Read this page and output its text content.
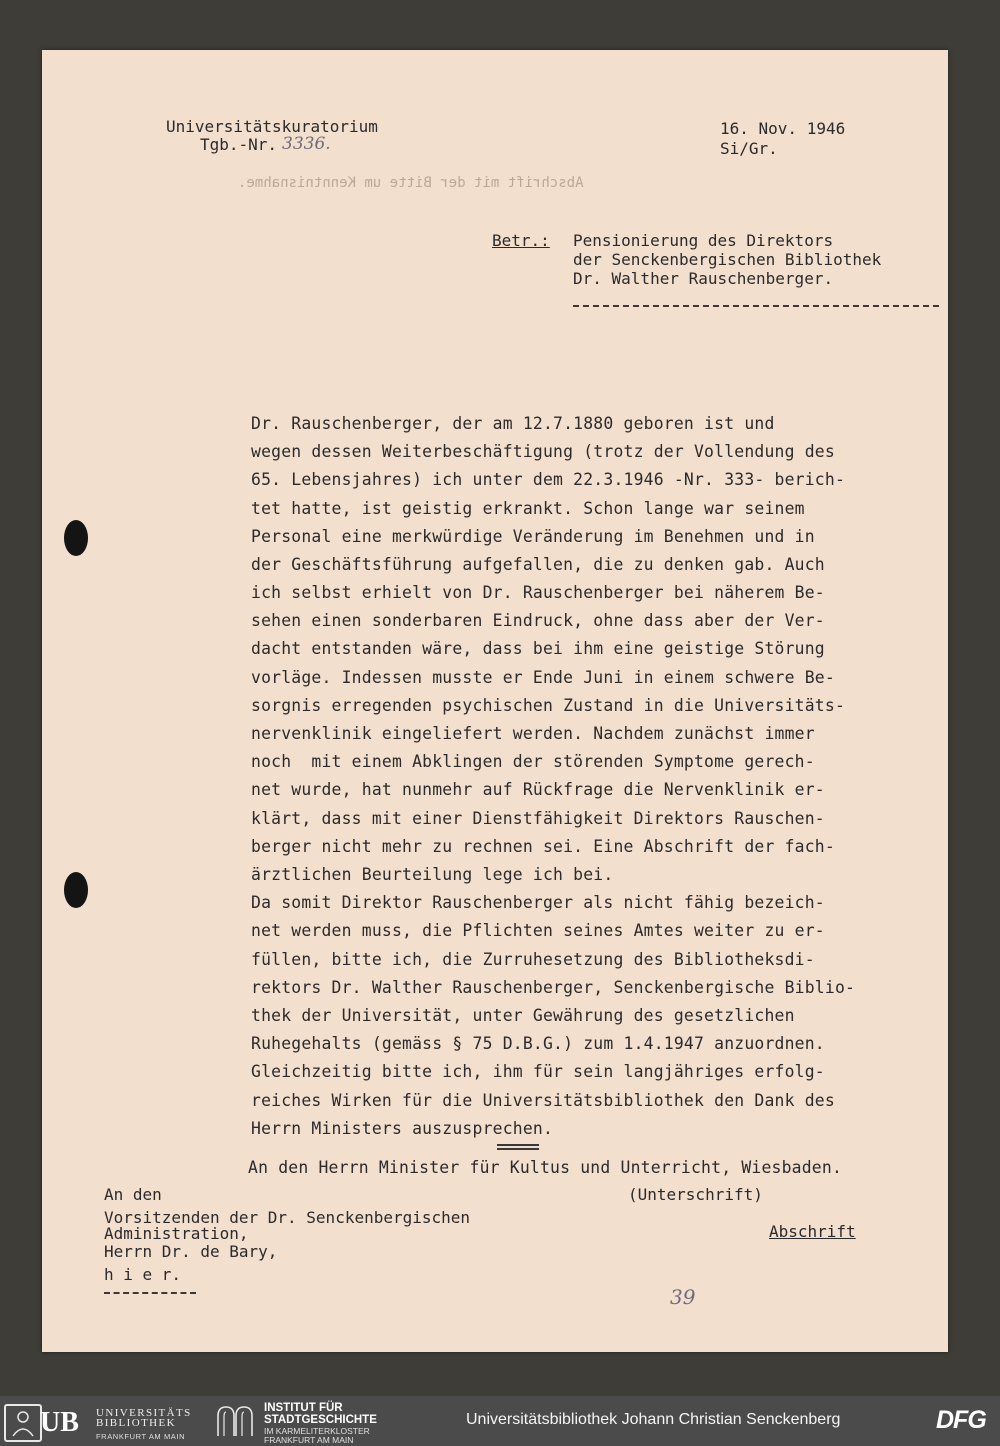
Universitätskuratorium
Tgb.-Nr. 3336.
16. Nov. 1946
Si/Gr.
Abschrift mit der Bitte um Kenntnisnahme.
Betr.: Pensionierung des Direktors
der Senckenbergischen Bibliothek
Dr. Walther Rauschenberger.
Dr. Rauschenberger, der am 12.7.1880 geboren ist und
wegen dessen Weiterbeschäftigung (trotz der Vollendung des
65. Lebensjahres) ich unter dem 22.3.1946 -Nr. 333- berich-
tet hatte, ist geistig erkrankt. Schon lange war seinem
Personal eine merkwürdige Veränderung im Benehmen und in
der Geschäftsführung aufgefallen, die zu denken gab. Auch
ich selbst erhielt von Dr. Rauschenberger bei näherem Be-
sehen einen sonderbaren Eindruck, ohne dass aber der Ver-
dacht entstanden wäre, dass bei ihm eine geistige Störung
vorläge. Indessen musste er Ende Juni in einem schwere Be-
sorgnis erregenden psychischen Zustand in die Universitäts-
nervenklinik eingeliefert werden. Nachdem zunächst immer
noch  mit einem Abklingen der störenden Symptome gerech-
net wurde, hat nunmehr auf Rückfrage die Nervenklinik er-
klärt, dass mit einer Dienstfähigkeit Direktors Rauschen-
berger nicht mehr zu rechnen sei. Eine Abschrift der fach-
ärztlichen Beurteilung lege ich bei.
Da somit Direktor Rauschenberger als nicht fähig bezeich-
net werden muss, die Pflichten seines Amtes weiter zu er-
füllen, bitte ich, die Zurruhesetzung des Bibliotheksdi-
rektors Dr. Walther Rauschenberger, Senckenbergische Biblio-
thek der Universität, unter Gewährung des gesetzlichen
Ruhegehalts (gemäss § 75 D.B.G.) zum 1.4.1947 anzuordnen.
Gleichzeitig bitte ich, ihm für sein langjähriges erfolg-
reiches Wirken für die Universitätsbibliothek den Dank des
Herrn Ministers auszusprechen.
An den Herrn Minister für Kultus und Unterricht, Wiesbaden.
(Unterschrift)
Abschrift
An den
Vorsitzenden der Dr. Senckenbergischen
Administration,
Herrn Dr. de Bary,
h i e r.
39
UB UNIVERSITÄTS
BIBLIOTHEK
FRANKFURT AM MAIN
INSTITUT FÜR
STADTGESCHICHTE
IM KARMELITERKLOSTER
FRANKFURT AM MAIN
Universitätsbibliothek Johann Christian Senckenberg	DFG
